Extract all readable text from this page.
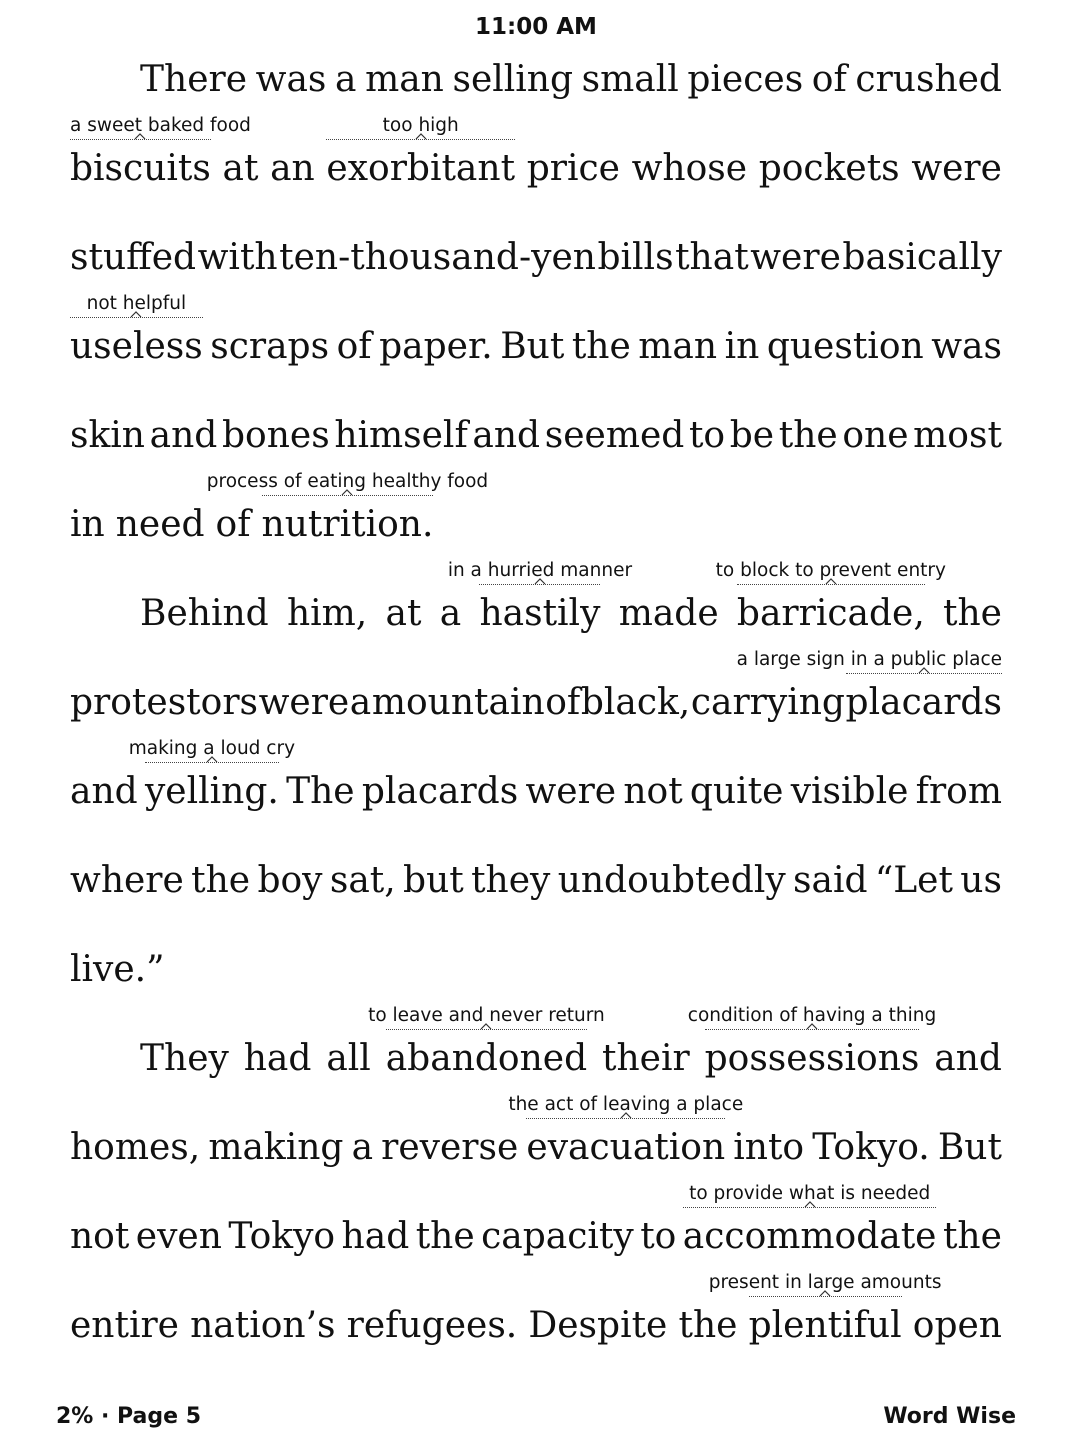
11:00 AM
There was a man selling small pieces of crushed
biscuits at an exorbitant price whose pockets were
stuffed with ten-thousand-yen bills that were basically
useless scraps of paper. But the man in question was
skin and bones himself and seemed to be the one most
in need of nutrition.
Behind him, at a hastily made barricade, the
protestors were a mountain of black, carrying placards
and yelling. The placards were not quite visible from
where the boy sat, but they undoubtedly said “Let us
live.”
They had all abandoned their possessions and
homes, making a reverse evacuation into Tokyo. But
not even Tokyo had the capacity to accommodate the
entire nation’s refugees. Despite the plentiful open
2% · Page 5	Word Wise
a sweet baked food	too high
not helpful
process of eating healthy food
in a hurried manner	to block to prevent entry
a large sign in a public place
making a loud cry
to leave and never return	condition of having a thing
the act of leaving a place
to provide what is needed
present in large amounts
